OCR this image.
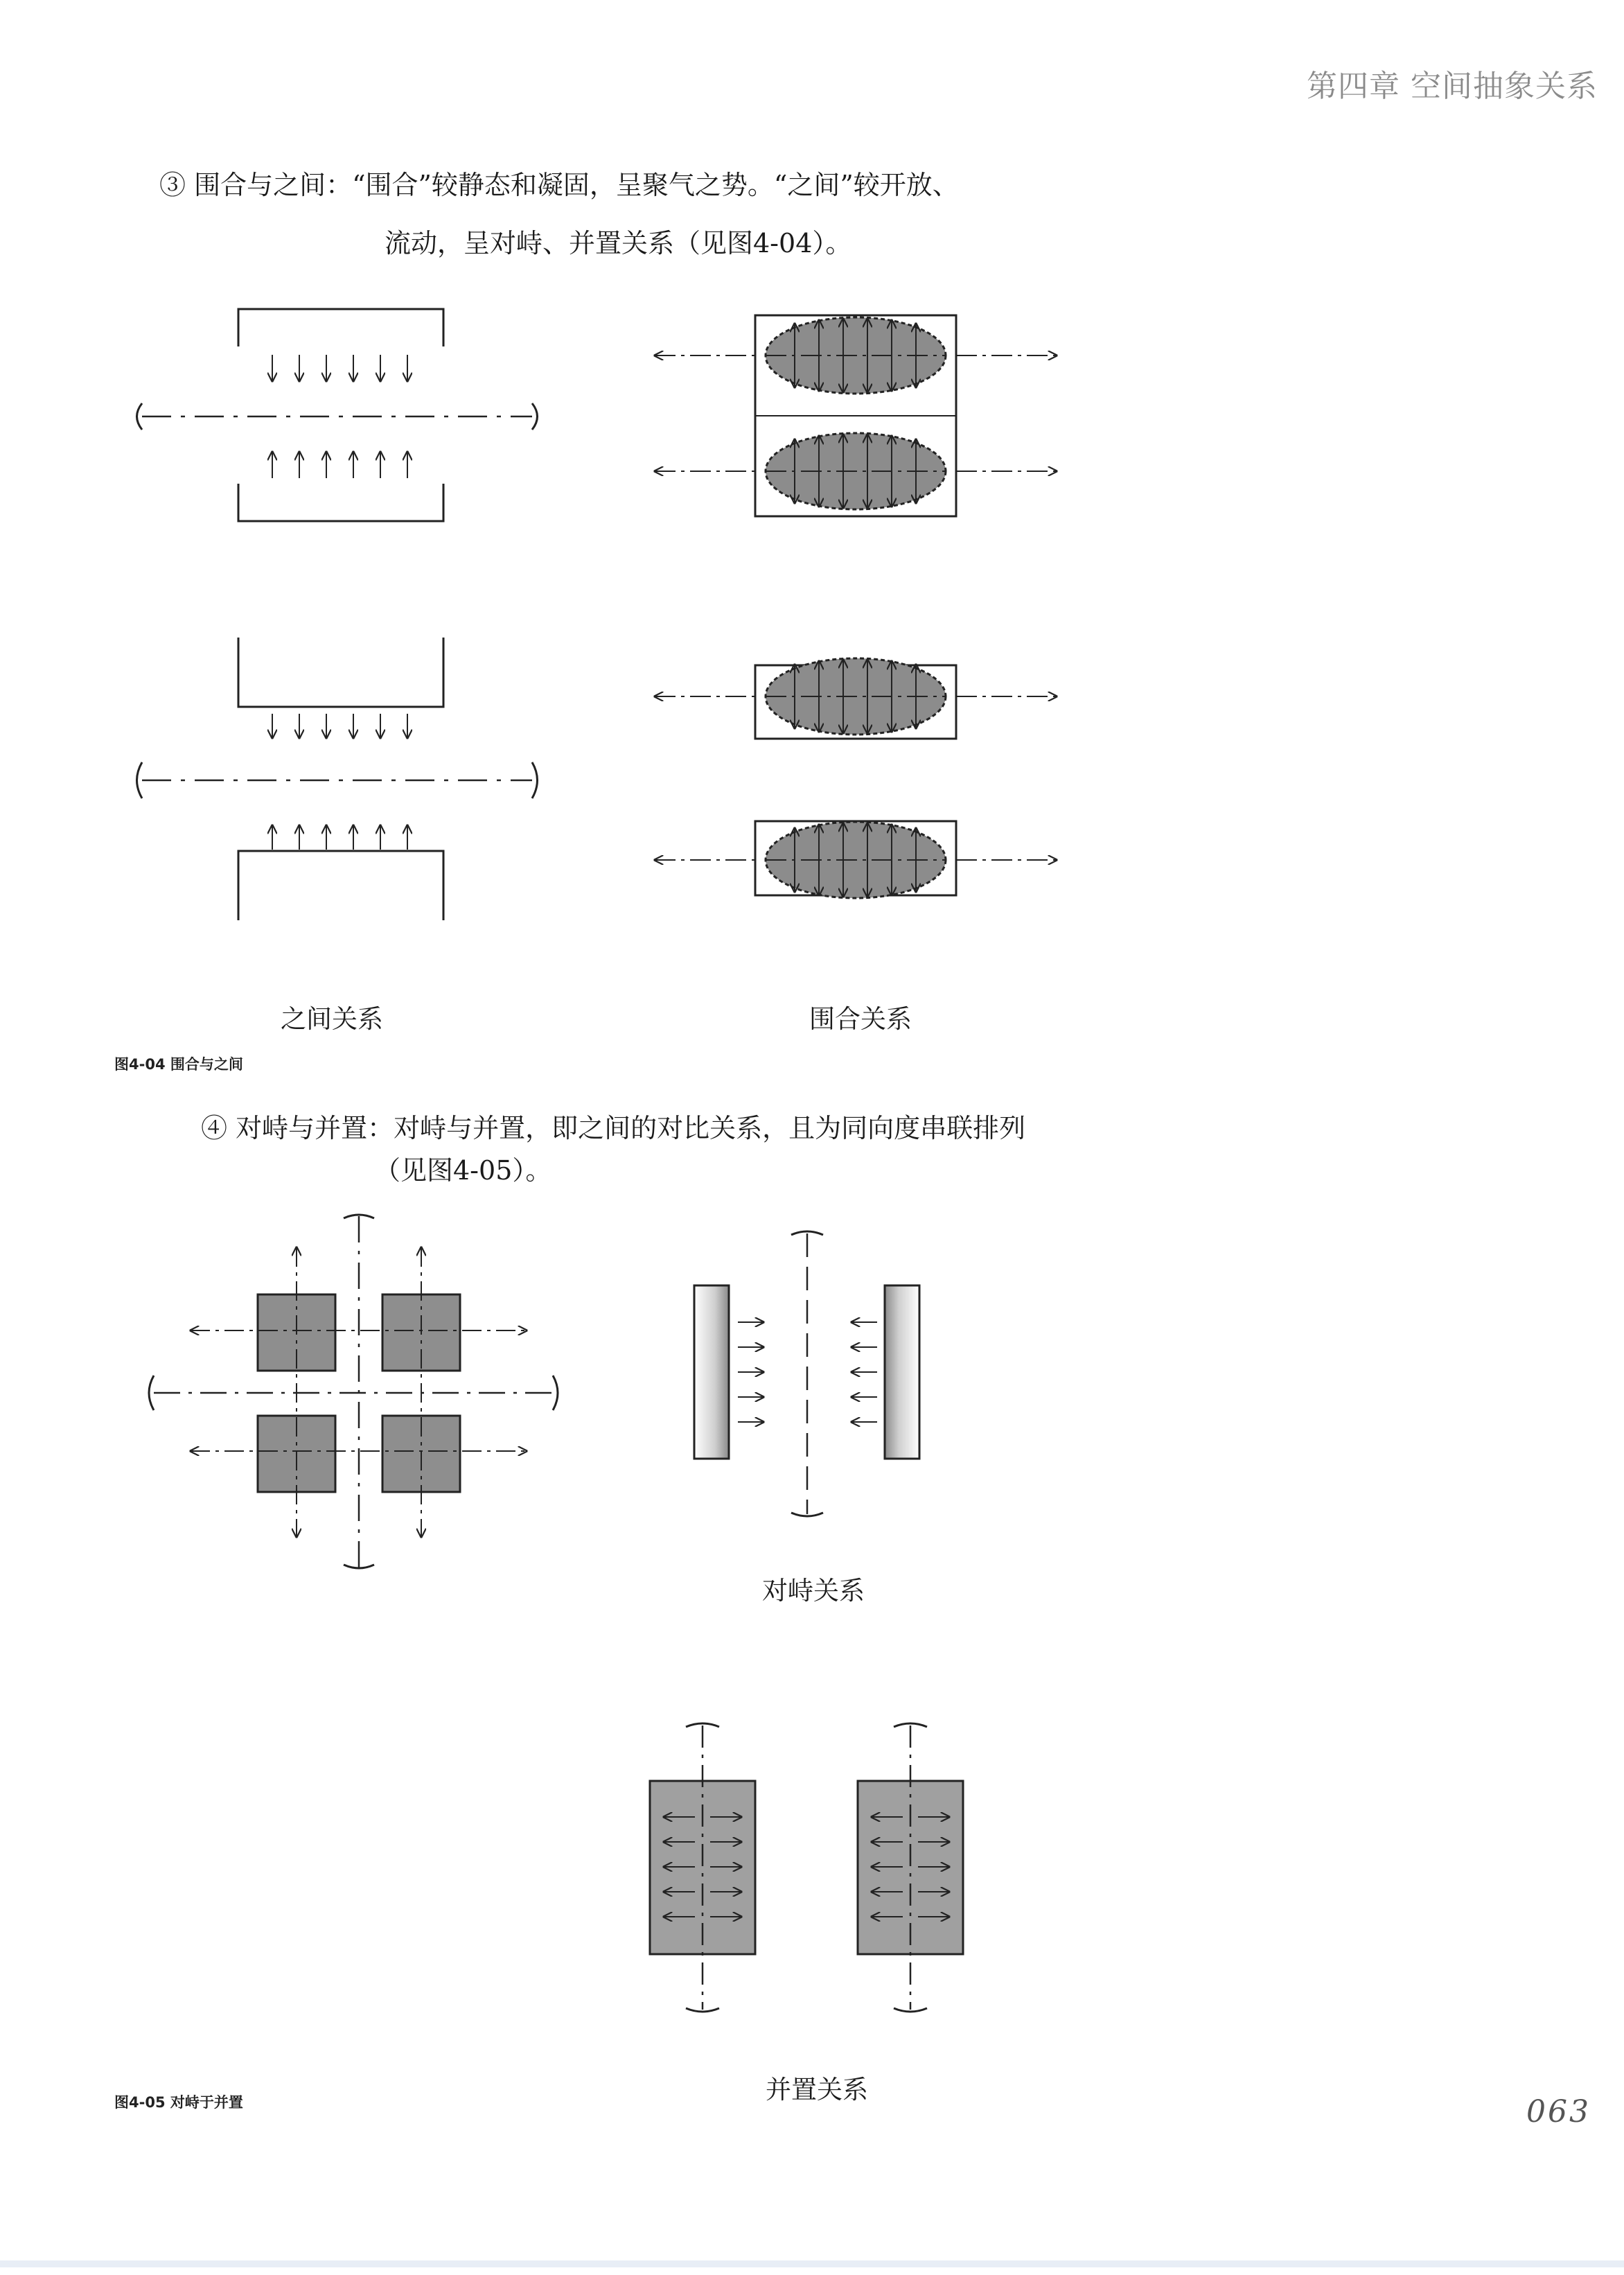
第四章 空间抽象关系
③ 围合与之间：“围合”较静态和凝固，呈聚气之势。“之间”较开放、
流动，呈对峙、并置关系（见图4-04）。
之间关系	围合关系
图4-04 围合与之间
④ 对峙与并置：对峙与并置，即之间的对比关系，且为同向度串联排列
（见图4-05）。
对峙关系
并置关系
图4-05 对峙于并置	063
